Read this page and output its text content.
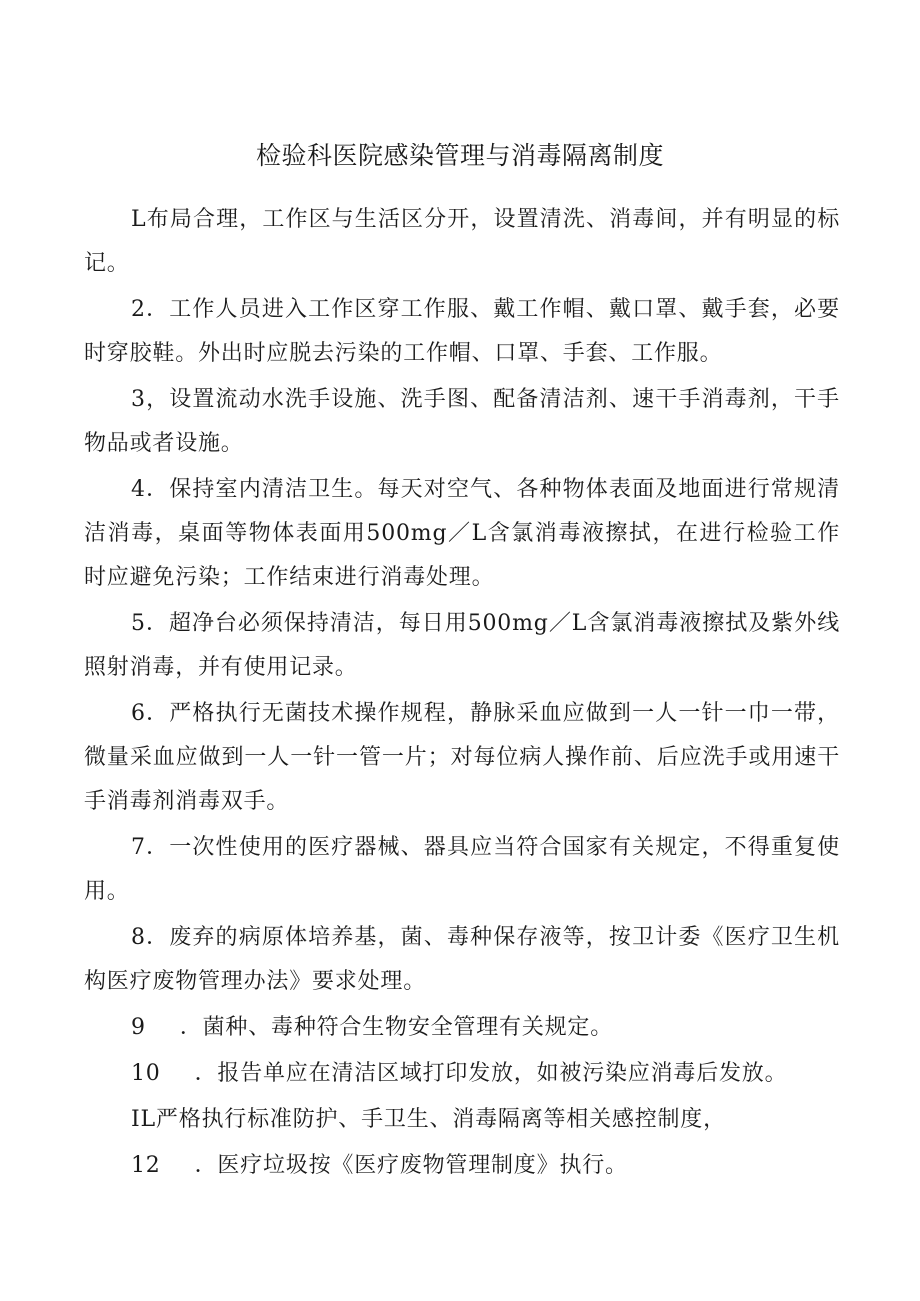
检验科医院感染管理与消毒隔离制度

L布局合理，工作区与生活区分开，设置清洗、消毒间，并有明显的标记。

2．工作人员进入工作区穿工作服、戴工作帽、戴口罩、戴手套，必要时穿胶鞋。外出时应脱去污染的工作帽、口罩、手套、工作服。

3，设置流动水洗手设施、洗手图、配备清洁剂、速干手消毒剂，干手物品或者设施。

4．保持室内清洁卫生。每天对空气、各种物体表面及地面进行常规清洁消毒，桌面等物体表面用500mg／L含氯消毒液擦拭，在进行检验工作时应避免污染；工作结束进行消毒处理。

5．超净台必须保持清洁，每日用500mg／L含氯消毒液擦拭及紫外线照射消毒，并有使用记录。

6．严格执行无菌技术操作规程，静脉采血应做到一人一针一巾一带，微量采血应做到一人一针一管一片；对每位病人操作前、后应洗手或用速干手消毒剂消毒双手。

7．一次性使用的医疗器械、器具应当符合国家有关规定，不得重复使用。

8．废弃的病原体培养基，菌、毒种保存液等，按卫计委《医疗卫生机构医疗废物管理办法》要求处理。

9 ．菌种、毒种符合生物安全管理有关规定。

10 ．报告单应在清洁区域打印发放，如被污染应消毒后发放。

IL严格执行标准防护、手卫生、消毒隔离等相关感控制度，

12 ．医疗垃圾按《医疗废物管理制度》执行。
